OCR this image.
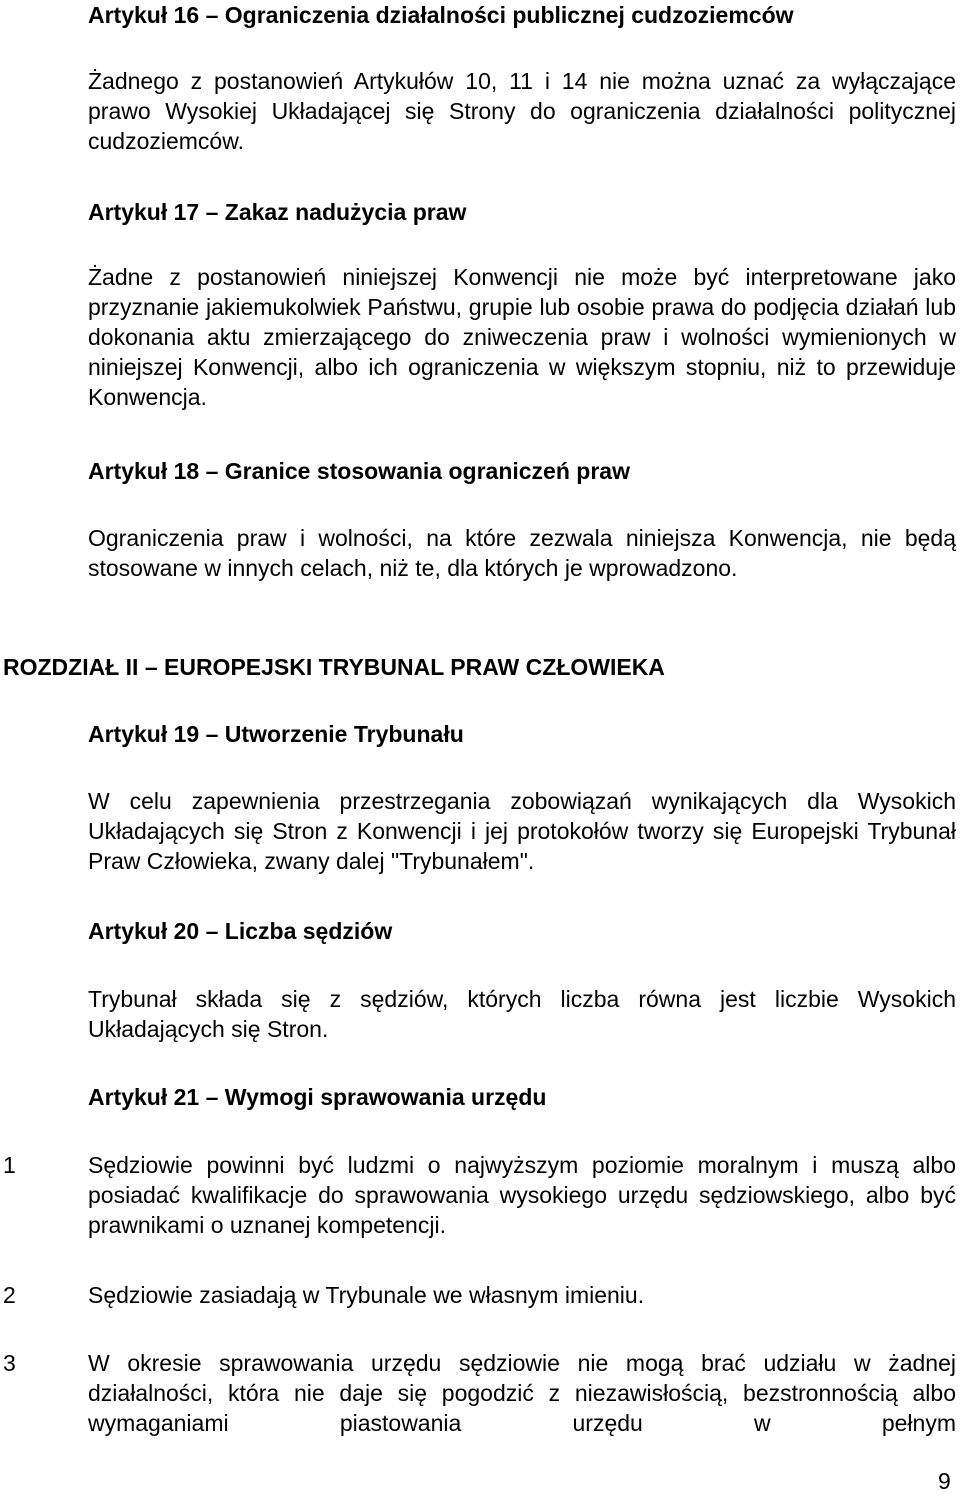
Artykuł 16 – Ograniczenia działalności publicznej cudzoziemców
Żadnego z postanowień Artykułów 10, 11 i 14 nie można uznać za wyłączające prawo Wysokiej Układającej się Strony do ograniczenia działalności politycznej cudzoziemców.
Artykuł 17 – Zakaz nadużycia praw
Żadne z postanowień niniejszej Konwencji nie może być interpretowane jako przyznanie jakiemukolwiek Państwu, grupie lub osobie prawa do podjęcia działań lub dokonania aktu zmierzającego do zniweczenia praw i wolności wymienionych w niniejszej Konwencji, albo ich ograniczenia w większym stopniu, niż to przewiduje Konwencja.
Artykuł 18 – Granice stosowania ograniczeń praw
Ograniczenia praw i wolności, na które zezwala niniejsza Konwencja, nie będą stosowane w innych celach, niż te, dla których je wprowadzono.
ROZDZIAŁ II – EUROPEJSKI TRYBUNAL PRAW CZŁOWIEKA
Artykuł 19 – Utworzenie Trybunału
W celu zapewnienia przestrzegania zobowiązań wynikających dla Wysokich Układających się Stron z Konwencji i jej protokołów tworzy się Europejski Trybunał Praw Człowieka, zwany dalej "Trybunałem".
Artykuł 20 – Liczba sędziów
Trybunał składa się z sędziów, których liczba równa jest liczbie Wysokich Układających się Stron.
Artykuł 21 – Wymogi sprawowania urzędu
1	Sędziowie powinni być ludzmi o najwyższym poziomie moralnym i muszą albo posiadać kwalifikacje do sprawowania wysokiego urzędu sędziowskiego, albo być prawnikami o uznanej kompetencji.
2	Sędziowie zasiadają w Trybunale we własnym imieniu.
3	W okresie sprawowania urzędu sędziowie nie mogą brać udziału w żadnej działalności, która nie daje się pogodzić z niezawisłością, bezstronnością albo wymaganiami piastowania urzędu w pełnym
9
